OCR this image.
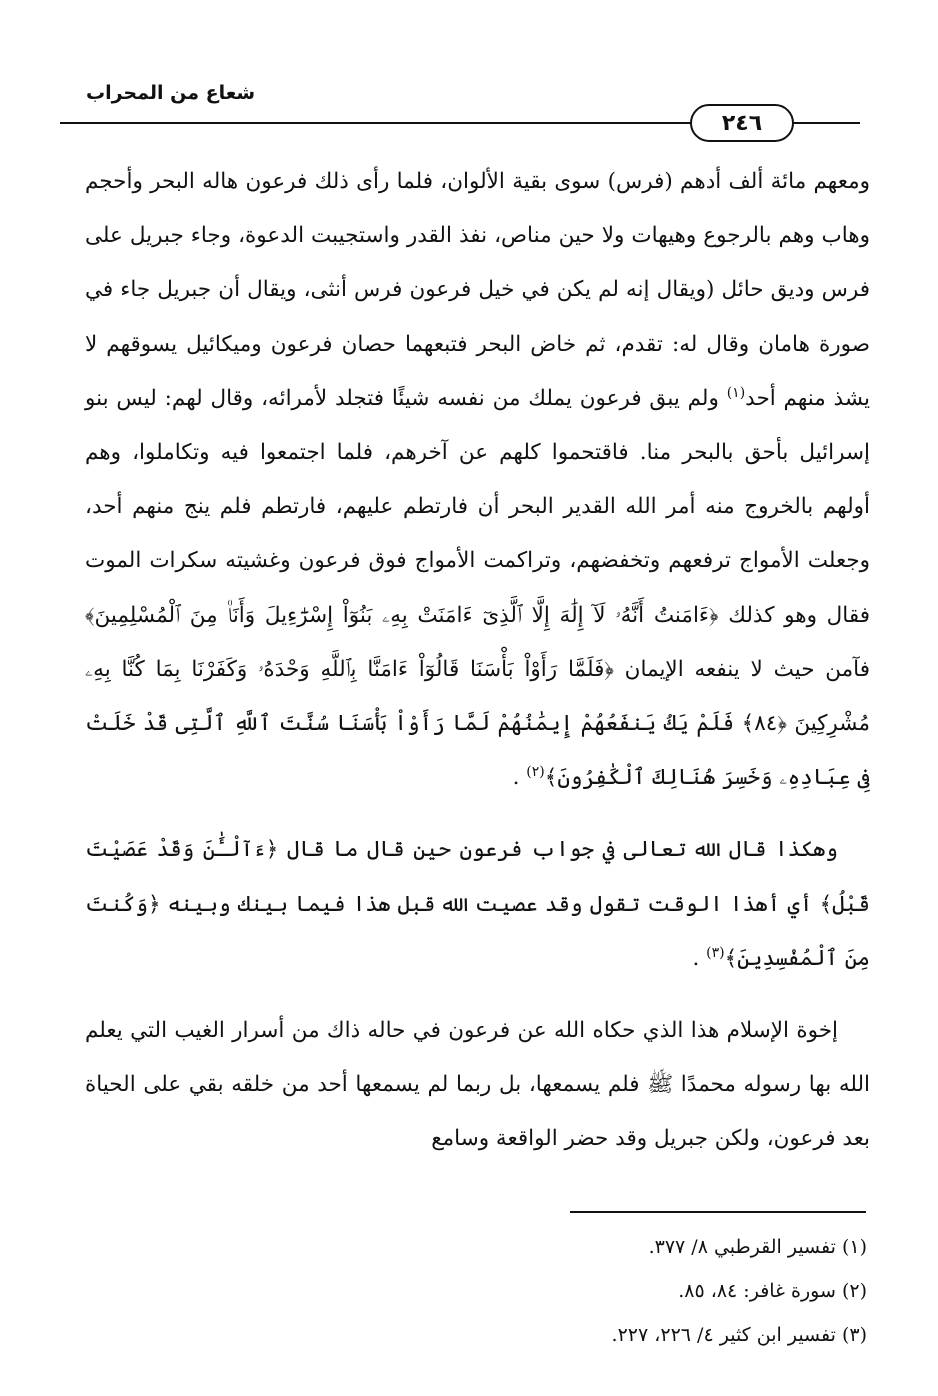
شعاع من المحراب
٢٤٦

ومعهم مائة ألف أدهم (فرس) سوى بقية الألوان، فلما رأى ذلك فرعون هاله البحر وأحجم وهاب وهم بالرجوع وهيهات ولا حين مناص، نفذ القدر واستجيبت الدعوة، وجاء جبريل على فرس وديق حائل (ويقال إنه لم يكن في خيل فرعون فرس أنثى، ويقال أن جبريل جاء في صورة هامان وقال له: تقدم، ثم خاض البحر فتبعهما حصان فرعون وميكائيل يسوقهم لا يشذ منهم أحد$^{(١)}$ ولم يبق فرعون يملك من نفسه شيئًا فتجلد لأمرائه، وقال لهم: ليس بنو إسرائيل بأحق بالبحر منا. فاقتحموا كلهم عن آخرهم، فلما اجتمعوا فيه وتكاملوا، وهم أولهم بالخروج منه أمر الله القدير البحر أن فارتطم عليهم، فارتطم فلم ينج منهم أحد، وجعلت الأمواج ترفعهم وتخفضهم، وتراكمت الأمواج فوق فرعون وغشيته سكرات الموت فقال وهو كذلك ﴿ءَامَنتُ أَنَّهُۥ لَآ إِلَٰهَ إِلَّا ٱلَّذِىٓ ءَامَنَتْ بِهِۦ بَنُوٓاْ إِسْرَٰٓءِيلَ وَأَنَا۠ مِنَ ٱلْمُسْلِمِينَ﴾ فآمن حيث لا ينفعه الإيمان ﴿فَلَمَّا رَأَوْاْ بَأْسَنَا قَالُوٓاْ ءَامَنَّا بِٱللَّهِ وَحْدَهُۥ وَكَفَرْنَا بِمَا كُنَّا بِهِۦ مُشْرِكِينَ ﴿٨٤﴾ فَلَمْ يَكُ يَنفَعُهُمْ إِيمَٰنُهُمْ لَمَّا رَأَوْاْ بَأْسَنَا سُنَّتَ ٱللَّهِ ٱلَّتِى قَدْ خَلَتْ فِى عِبَادِهِۦ وَخَسِرَ هُنَالِكَ ٱلْكَٰفِرُونَ﴾$^{(٢)}$ .

وهكذا قال الله تعالى في جواب فرعون حين قال ما قال ﴿ءَآلْـَٰٔنَ وَقَدْ عَصَيْتَ قَبْلُ﴾ أي أهذا الوقت تقول وقد عصيت الله قبل هذا فيما بينك وبينه ﴿وَكُنتَ مِنَ ٱلْمُفْسِدِينَ﴾$^{(٣)}$ .

إخوة الإسلام هذا الذي حكاه الله عن فرعون في حاله ذاك من أسرار الغيب التي يعلم الله بها رسوله محمدًا ﷺ فلم يسمعها، بل ربما لم يسمعها أحد من خلقه بقي على الحياة بعد فرعون، ولكن جبريل وقد حضر الواقعة وسامع

(١) تفسير القرطبي ٨/ ٣٧٧.
(٢) سورة غافر: ٨٤، ٨٥.
(٣) تفسير ابن كثير ٤/ ٢٢٦، ٢٢٧.
